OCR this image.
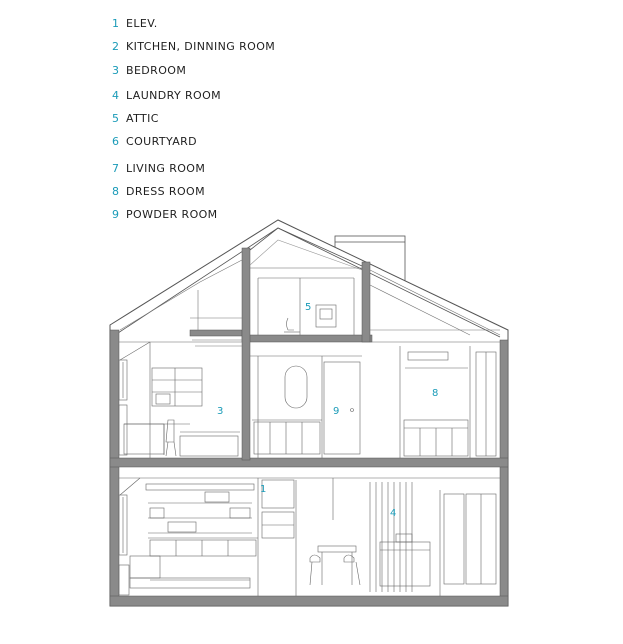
1 ELEV.
2 KITCHEN, DINNING ROOM
3 BEDROOM
4 LAUNDRY ROOM
5 ATTIC
6 COURTYARD
7 LIVING ROOM
8 DRESS ROOM
9 POWDER ROOM
5
3	9
8
4
1
